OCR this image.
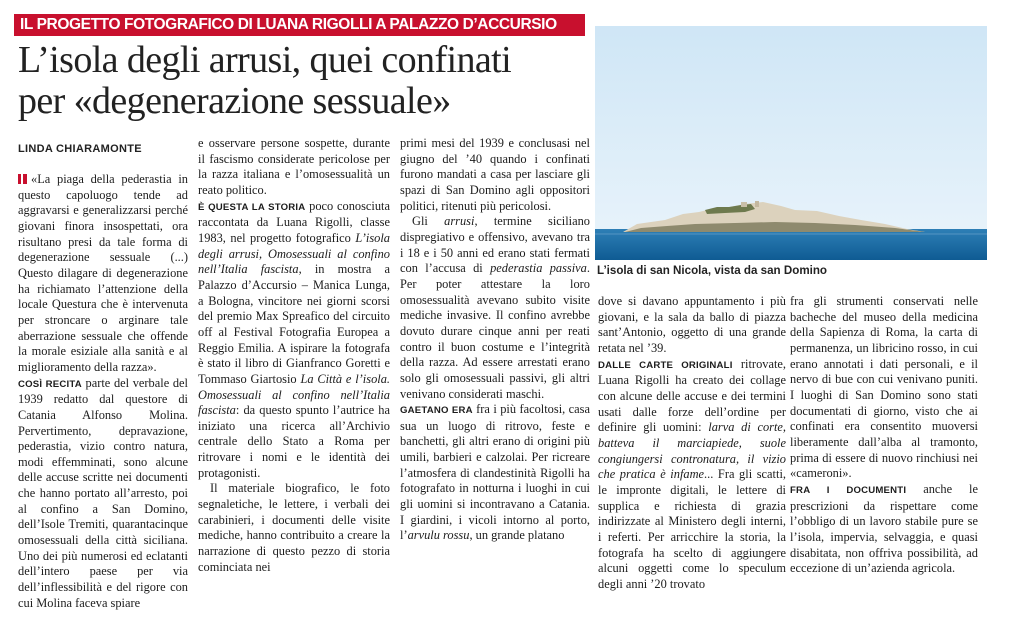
IL PROGETTO FOTOGRAFICO DI LUANA RIGOLLI A PALAZZO D’ACCURSIO
L’isola degli arrusi, quei confinati
per «degenerazione sessuale»
LINDA CHIARAMONTE

«La piaga della pederastia in questo capoluogo tende ad aggravarsi e generalizzarsi perché giovani finora insospettati, ora risultano presi da tale forma di degenerazione sessuale (...) Questo dilagare di degenerazione ha richiamato l’attenzione della locale Questura che è intervenuta per stroncare o arginare tale aberrazione sessuale che offende la morale esiziale alla sanità e al miglioramento della razza».

COSÌ RECITA parte del verbale del 1939 redatto dal questore di Catania Alfonso Molina. Pervertimento, depravazione, pederastia, vizio contro natura, modi effemminati, sono alcune delle accuse scritte nei documenti che hanno portato all’arresto, poi al confino a San Domino, dell’Isole Tremiti, quarantacinque omosessuali della città siciliana. Uno dei più numerosi ed eclatanti dell’intero paese per via dell’inflessibilità e del rigore con cui Molina faceva spiare

e osservare persone sospette, durante il fascismo considerate pericolose per la razza italiana e l’omosessualità un reato politico.

È QUESTA LA STORIA poco conosciuta raccontata da Luana Rigolli, classe 1983, nel progetto fotografico L’isola degli arrusi, Omosessuali al confino nell’Italia fascista, in mostra a Palazzo d’Accursio – Manica Lunga, a Bologna, vincitore nei giorni scorsi del premio Max Spreafico del circuito off al Festival Fotografia Europea a Reggio Emilia. A ispirare la fotografa è stato il libro di Gianfranco Goretti e Tommaso Giartosio La Città e l’isola. Omosessuali al confino nell’Italia fascista: da questo spunto l’autrice ha iniziato una ricerca all’Archivio centrale dello Stato a Roma per ritrovare i nomi e le identità dei protagonisti.

Il materiale biografico, le foto segnaletiche, le lettere, i verbali dei carabinieri, i documenti delle visite mediche, hanno contribuito a creare la narrazione di questo pezzo di storia cominciata nei

primi mesi del 1939 e conclusasi nel giugno del ’40 quando i confinati furono mandati a casa per lasciare gli spazi di San Domino agli oppositori politici, ritenuti più pericolosi.

Gli arrusi, termine siciliano dispregiativo e offensivo, avevano tra i 18 e i 50 anni ed erano stati fermati con l’accusa di pederastia passiva. Per poter attestare la loro omosessualità avevano subito visite mediche invasive. Il confino avrebbe dovuto durare cinque anni per reati contro il buon costume e l’integrità della razza. Ad essere arrestati erano solo gli omosessuali passivi, gli altri venivano considerati maschi.

GAETANO ERA fra i più facoltosi, casa sua un luogo di ritrovo, feste e banchetti, gli altri erano di origini più umili, barbieri e calzolai. Per ricreare l’atmosfera di clandestinità Rigolli ha fotografato in notturna i luoghi in cui gli uomini si incontravano a Catania. I giardini, i vicoli intorno al porto, l’arvulu rossu, un grande platano

L’isola di san Nicola, vista da san Domino

dove si davano appuntamento i più giovani, e la sala da ballo di piazza sant’Antonio, oggetto di una grande retata nel ’39.

DALLE CARTE ORIGINALI ritrovate, Luana Rigolli ha creato dei collage con alcune delle accuse e dei termini usati dalle forze dell’ordine per definire gli uomini: larva di corte, batteva il marciapiede, suole congiungersi contronatura, il vizio che pratica è infame... Fra gli scatti, le impronte digitali, le lettere di supplica e richiesta di grazia indirizzate al Ministero degli interni, i referti. Per arricchire la storia, la fotografa ha scelto di aggiungere alcuni oggetti come lo speculum degli anni ’20 trovato

fra gli strumenti conservati nelle bacheche del museo della medicina della Sapienza di Roma, la carta di permanenza, un libricino rosso, in cui erano annotati i dati personali, e il nervo di bue con cui venivano puniti. I luoghi di San Domino sono stati documentati di giorno, visto che ai confinati era consentito muoversi liberamente dall’alba al tramonto, prima di essere di nuovo rinchiusi nei «cameroni».

FRA I DOCUMENTI anche le prescrizioni da rispettare come l’obbligo di un lavoro stabile pure se l’isola, impervia, selvaggia, e quasi disabitata, non offriva possibilità, ad eccezione di un’azienda agricola.
